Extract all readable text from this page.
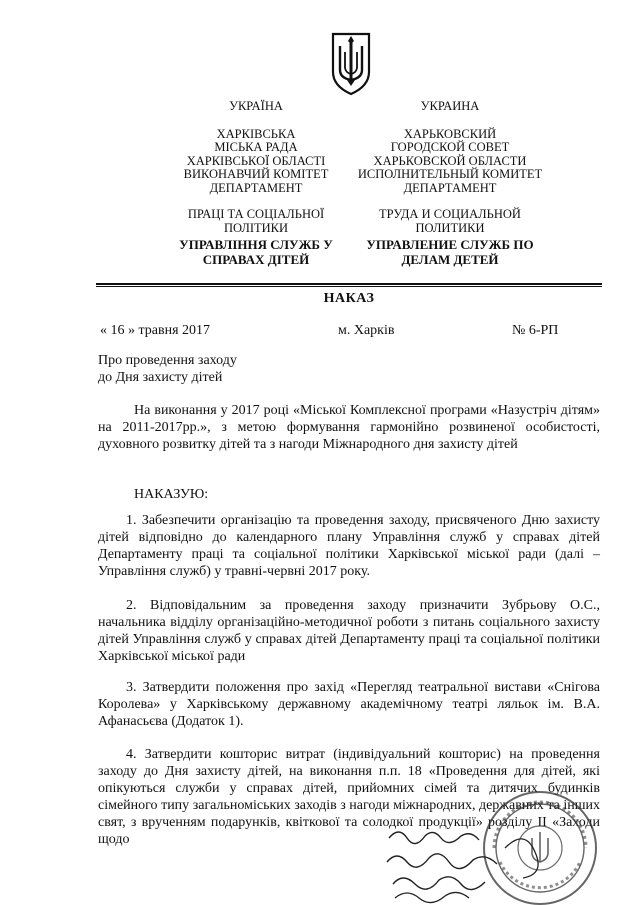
УКРАЇНА
ХАРКІВСЬКА
МІСЬКА РАДА
ХАРКІВСЬКОЇ ОБЛАСТІ
ВИКОНАВЧИЙ КОМІТЕТ
ДЕПАРТАМЕНТ
ПРАЦІ ТА СОЦІАЛЬНОЇ
ПОЛІТИКИ
УПРАВЛІННЯ СЛУЖБ У
СПРАВАХ ДІТЕЙ
УКРАИНА
ХАРЬКОВСКИЙ
ГОРОДСКОЙ СОВЕТ
ХАРЬКОВСКОЙ ОБЛАСТИ
ИСПОЛНИТЕЛЬНЫЙ КОМИТЕТ
ДЕПАРТАМЕНТ
ТРУДА И СОЦИАЛЬНОЙ
ПОЛИТИКИ
УПРАВЛЕНИЕ СЛУЖБ ПО
ДЕЛАМ ДЕТЕЙ
НАКАЗ
« 16 » травня 2017	м. Харків	№ 6-РП
Про проведення заходу
до Дня захисту дітей
На виконання у 2017 році «Міської Комплексної програми «Назустріч дітям» на 2011-2017рр.», з метою формування гармонійно розвиненої особистості, духовного розвитку дітей та з нагоди Міжнародного дня захисту дітей
НАКАЗУЮ:
1. Забезпечити організацію та проведення заходу, присвяченого Дню захисту дітей відповідно до календарного плану Управління служб у справах дітей Департаменту праці та соціальної політики Харківської міської ради (далі – Управління служб) у травні-червні 2017 року.
2. Відповідальним за проведення заходу призначити Зубрьову О.С., начальника відділу організаційно-методичної роботи з питань соціального захисту дітей Управління служб у справах дітей Департаменту праці та соціальної політики Харківської міської ради
3. Затвердити положення про захід «Перегляд театральної вистави «Снігова Королева» у Харківському державному академічному театрі ляльок ім. В.А. Афанасьєва (Додаток 1).
4. Затвердити кошторис витрат (індивідуальний кошторис) на проведення заходу до Дня захисту дітей, на виконання п.п. 18 «Проведення для дітей, які опікуються служби у справах дітей, прийомних сімей та дитячих будинків сімейного типу загальноміських заходів з нагоди міжнародних, державних та інших свят, з врученням подарунків, квіткової та солодкої продукції» розділу II «Заходи щодо
